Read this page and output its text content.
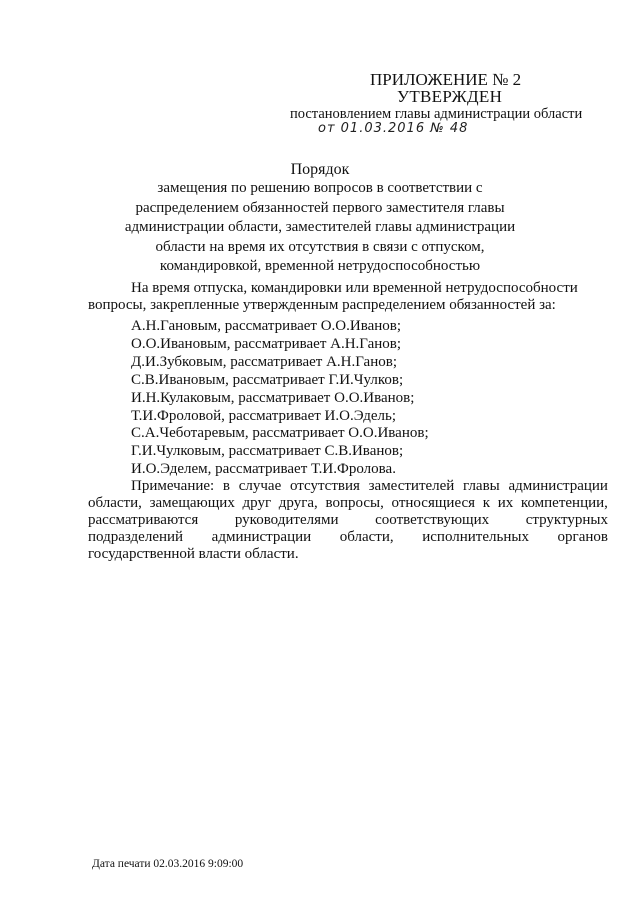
ПРИЛОЖЕНИЕ № 2
УТВЕРЖДЕН
постановлением главы администрации области
от 01.03.2016 № 48
Порядок
замещения по решению вопросов в соответствии с
распределением обязанностей первого заместителя главы
администрации области, заместителей главы администрации
области на время их отсутствия в связи с отпуском,
командировкой, временной нетрудоспособностью
На время отпуска, командировки или временной нетрудоспособности
вопросы, закрепленные утвержденным распределением обязанностей за:
А.Н.Гановым, рассматривает О.О.Иванов;
О.О.Ивановым, рассматривает А.Н.Ганов;
Д.И.Зубковым, рассматривает А.Н.Ганов;
С.В.Ивановым, рассматривает Г.И.Чулков;
И.Н.Кулаковым, рассматривает О.О.Иванов;
Т.И.Фроловой, рассматривает И.О.Эдель;
С.А.Чеботаревым, рассматривает О.О.Иванов;
Г.И.Чулковым, рассматривает С.В.Иванов;
И.О.Эделем, рассматривает Т.И.Фролова.
Примечание: в случае отсутствия заместителей главы администрации
области, замещающих друг друга, вопросы, относящиеся к их компетенции,
рассматриваются руководителями соответствующих структурных
подразделений администрации области, исполнительных органов
государственной власти области.
Дата печати 02.03.2016 9:09:00
